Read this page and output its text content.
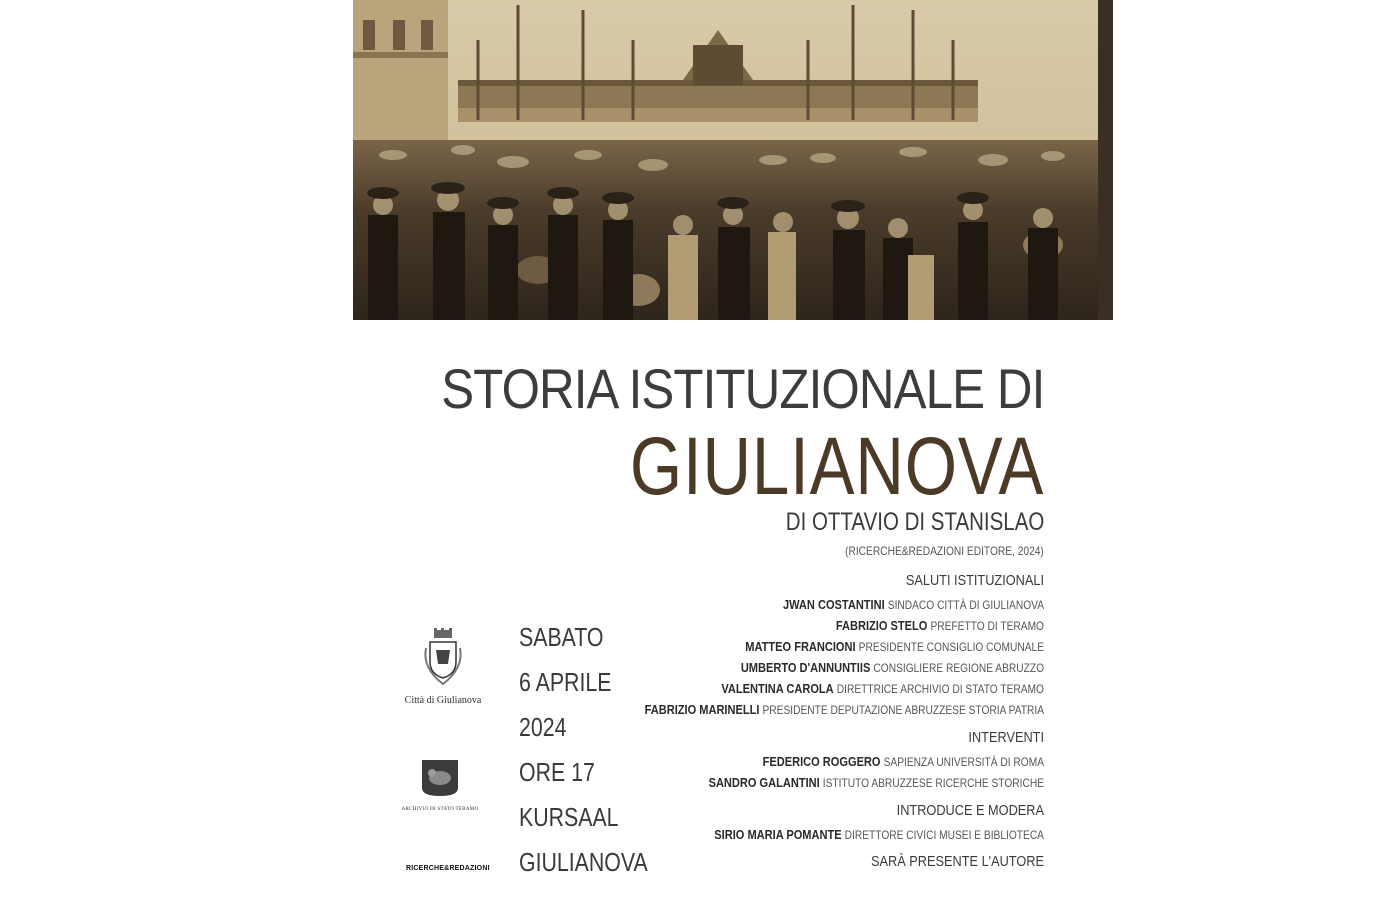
STORIA ISTITUZIONALE DI
GIULIANOVA
DI OTTAVIO DI STANISLAO
(RICERCHE&REDAZIONI EDITORE, 2024)
SALUTI ISTITUZIONALI
JWAN COSTANTINI SINDACO CITTÀ DI GIULIANOVA
FABRIZIO STELO PREFETTO DI TERAMO
MATTEO FRANCIONI PRESIDENTE CONSIGLIO COMUNALE
UMBERTO D'ANNUNTIIS CONSIGLIERE REGIONE ABRUZZO
VALENTINA CAROLA DIRETTRICE ARCHIVIO DI STATO TERAMO
FABRIZIO MARINELLI PRESIDENTE DEPUTAZIONE ABRUZZESE STORIA PATRIA
INTERVENTI
FEDERICO ROGGERO SAPIENZA UNIVERSITÀ DI ROMA
SANDRO GALANTINI ISTITUTO ABRUZZESE RICERCHE STORICHE
INTRODUCE E MODERA
SIRIO MARIA POMANTE DIRETTORE CIVICI MUSEI E BIBLIOTECA
SARÀ PRESENTE L'AUTORE
SABATO
6 APRILE
2024
ORE 17
KURSAAL
GIULIANOVA
Città di Giulianova
ARCHIVIO DI STATO TERAMO
RICERCHE&REDAZIONI
